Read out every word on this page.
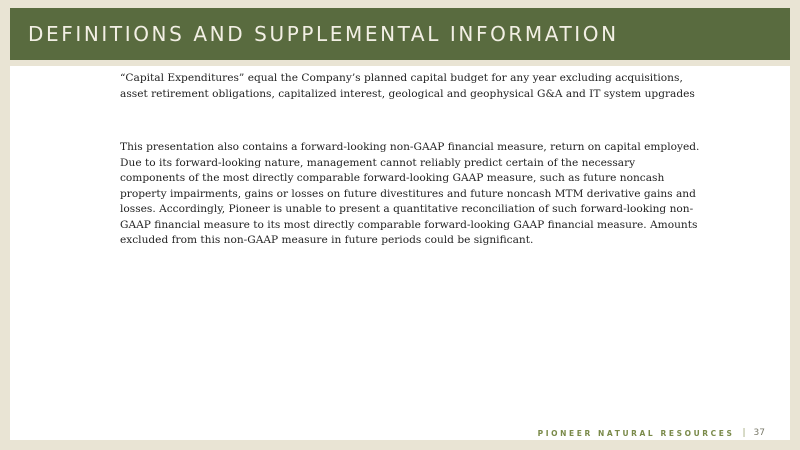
DEFINITIONS AND SUPPLEMENTAL INFORMATION

“Capital Expenditures” equal the Company’s planned capital budget for any year excluding acquisitions, asset retirement obligations, capitalized interest, geological and geophysical G&A and IT system upgrades

This presentation also contains a forward-looking non-GAAP financial measure, return on capital employed. Due to its forward-looking nature, management cannot reliably predict certain of the necessary components of the most directly comparable forward-looking GAAP measure, such as future noncash property impairments, gains or losses on future divestitures and future noncash MTM derivative gains and losses. Accordingly, Pioneer is unable to present a quantitative reconciliation of such forward-looking non-GAAP financial measure to its most directly comparable forward-looking GAAP financial measure. Amounts excluded from this non-GAAP measure in future periods could be significant.

PIONEER NATURAL RESOURCES | 37
